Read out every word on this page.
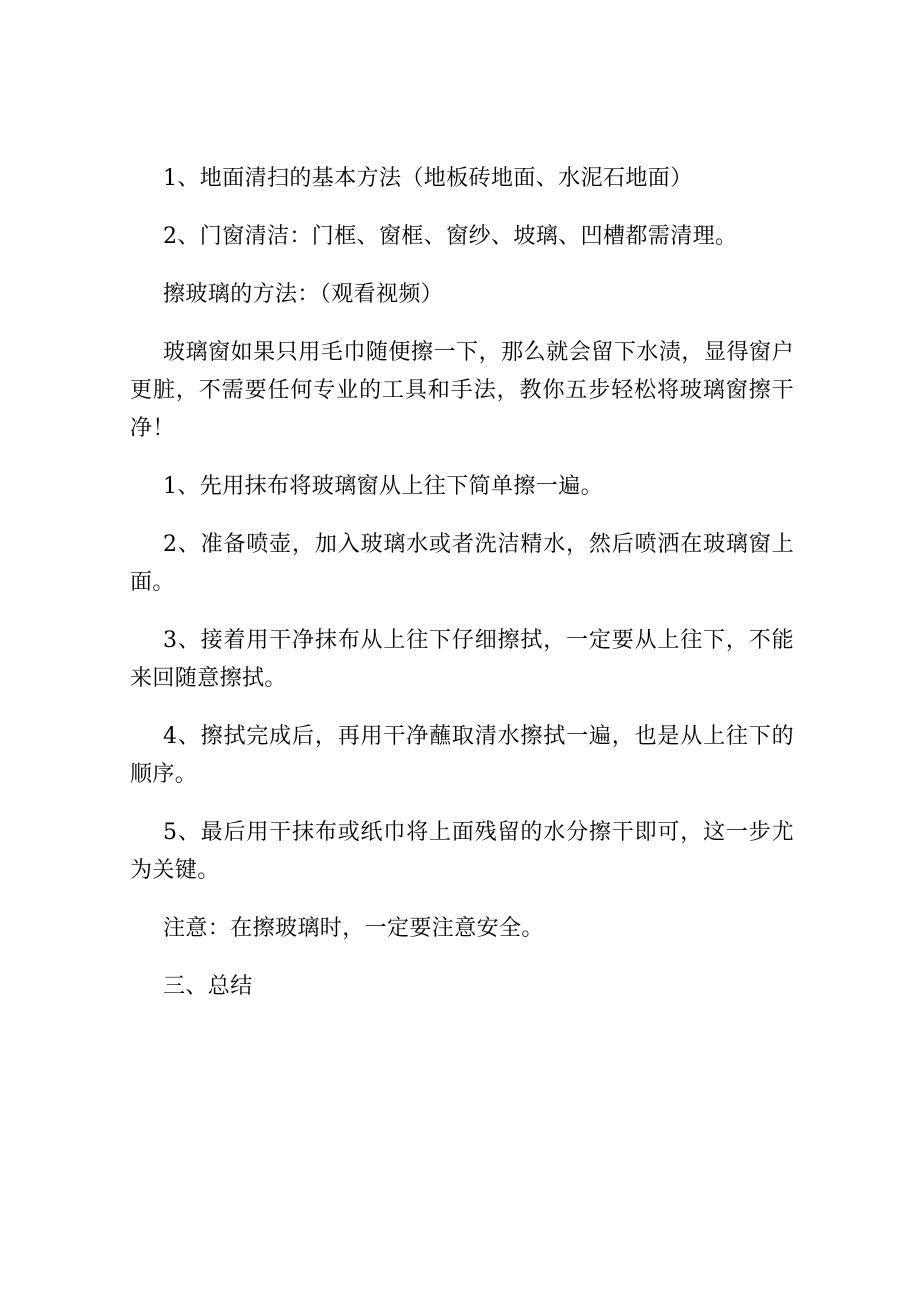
1、地面清扫的基本方法（地板砖地面、水泥石地面）

2、门窗清洁：门框、窗框、窗纱、坡璃、凹槽都需清理。

擦玻璃的方法：（观看视频）

玻璃窗如果只用毛巾随便擦一下，那么就会留下水渍，显得窗户更脏，不需要任何专业的工具和手法，教你五步轻松将玻璃窗擦干净！

1、先用抹布将玻璃窗从上往下简单擦一遍。

2、准备喷壶，加入玻璃水或者洗洁精水，然后喷洒在玻璃窗上面。

3、接着用干净抹布从上往下仔细擦拭，一定要从上往下，不能来回随意擦拭。

4、擦拭完成后，再用干净蘸取清水擦拭一遍，也是从上往下的顺序。

5、最后用干抹布或纸巾将上面残留的水分擦干即可，这一步尤为关键。

注意：在擦玻璃时，一定要注意安全。

三、总结
